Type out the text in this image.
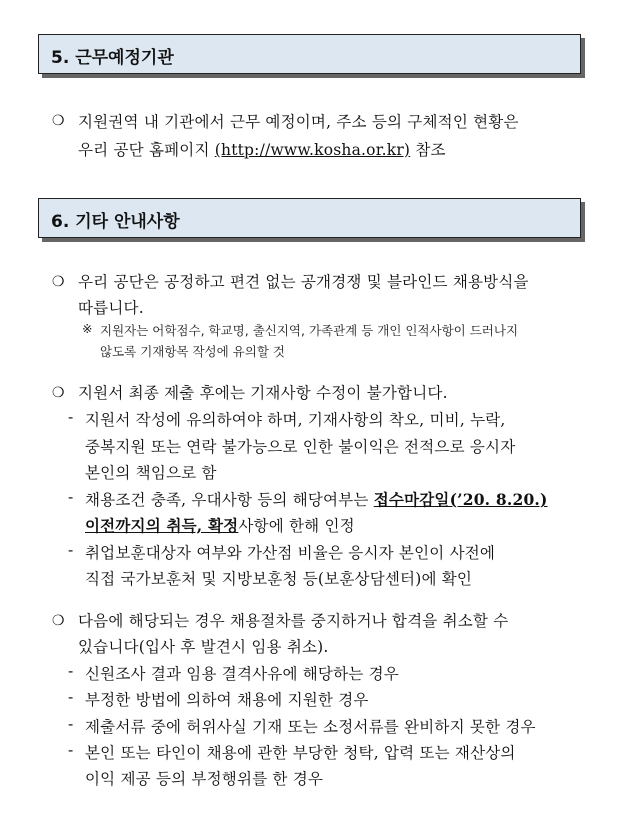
5. 근무예정기관
❍ 지원권역 내 기관에서 근무 예정이며, 주소 등의 구체적인 현황은
우리 공단 홈페이지 (http://www.kosha.or.kr) 참조
6. 기타 안내사항
❍ 우리 공단은 공정하고 편견 없는 공개경쟁 및 블라인드 채용방식을
따릅니다.
※ 지원자는 어학점수, 학교명, 출신지역, 가족관계 등 개인 인적사항이 드러나지
않도록 기재항목 작성에 유의할 것
❍ 지원서 최종 제출 후에는 기재사항 수정이 불가합니다.
- 지원서 작성에 유의하여야 하며, 기재사항의 착오, 미비, 누락,
중복지원 또는 연락 불가능으로 인한 불이익은 전적으로 응시자
본인의 책임으로 함
- 채용조건 충족, 우대사항 등의 해당여부는 접수마감일(’20. 8.20.)
이전까지의 취득, 확정사항에 한해 인정
- 취업보훈대상자 여부와 가산점 비율은 응시자 본인이 사전에
직접 국가보훈처 및 지방보훈청 등(보훈상담센터)에 확인
❍ 다음에 해당되는 경우 채용절차를 중지하거나 합격을 취소할 수
있습니다(입사 후 발견시 임용 취소).
- 신원조사 결과 임용 결격사유에 해당하는 경우
- 부정한 방법에 의하여 채용에 지원한 경우
- 제출서류 중에 허위사실 기재 또는 소정서류를 완비하지 못한 경우
- 본인 또는 타인이 채용에 관한 부당한 청탁, 압력 또는 재산상의
이익 제공 등의 부정행위를 한 경우
